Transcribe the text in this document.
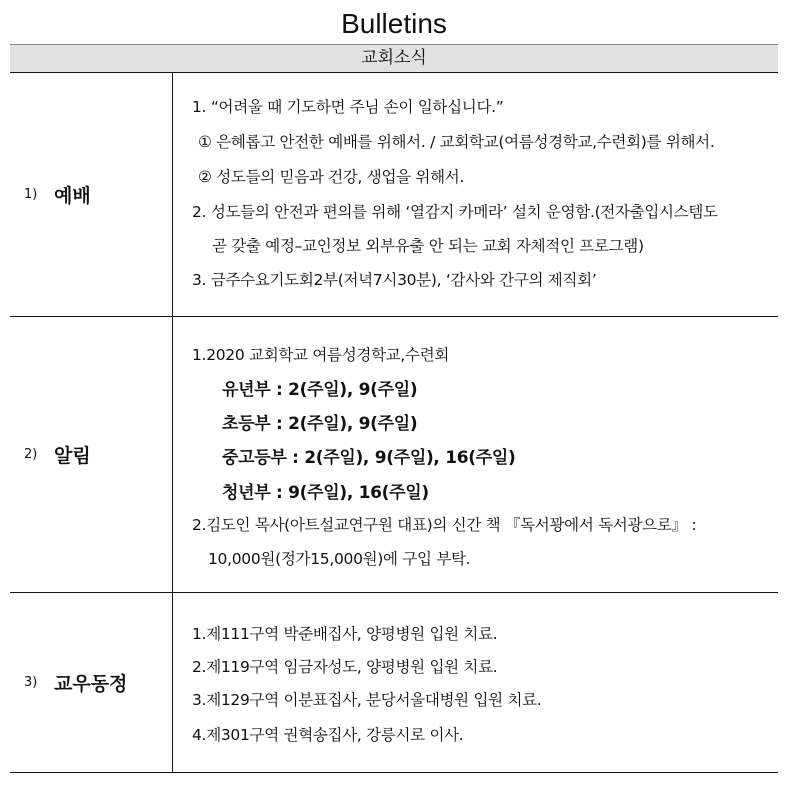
Bulletins
교회소식
1) 예배
1. “어려울 때 기도하면 주님 손이 일하십니다.”
① 은혜롭고 안전한 예배를 위해서. / 교회학교(여름성경학교,수련회)를 위해서.
② 성도들의 믿음과 건강, 생업을 위해서.
2. 성도들의 안전과 편의를 위해 ‘열감지 카메라’ 설치 운영함.(전자출입시스템도
곧 갖출 예정–교인정보 외부유출 안 되는 교회 자체적인 프로그램)
3. 금주수요기도회2부(저녁7시30분), ‘감사와 간구의 제직회’
2) 알림
1.2020 교회학교 여름성경학교,수련회
유년부 : 2(주일), 9(주일)
초등부 : 2(주일), 9(주일)
중고등부 : 2(주일), 9(주일), 16(주일)
청년부 : 9(주일), 16(주일)
2.김도인 목사(아트설교연구원 대표)의 신간 책 『독서꽝에서 독서광으로』 :
10,000원(정가15,000원)에 구입 부탁.
3) 교우동정
1.제111구역 박준배집사, 양평병원 입원 치료.
2.제119구역 임금자성도, 양평병원 입원 치료.
3.제129구역 이분표집사, 분당서울대병원 입원 치료.
4.제301구역 권혁송집사, 강릉시로 이사.
